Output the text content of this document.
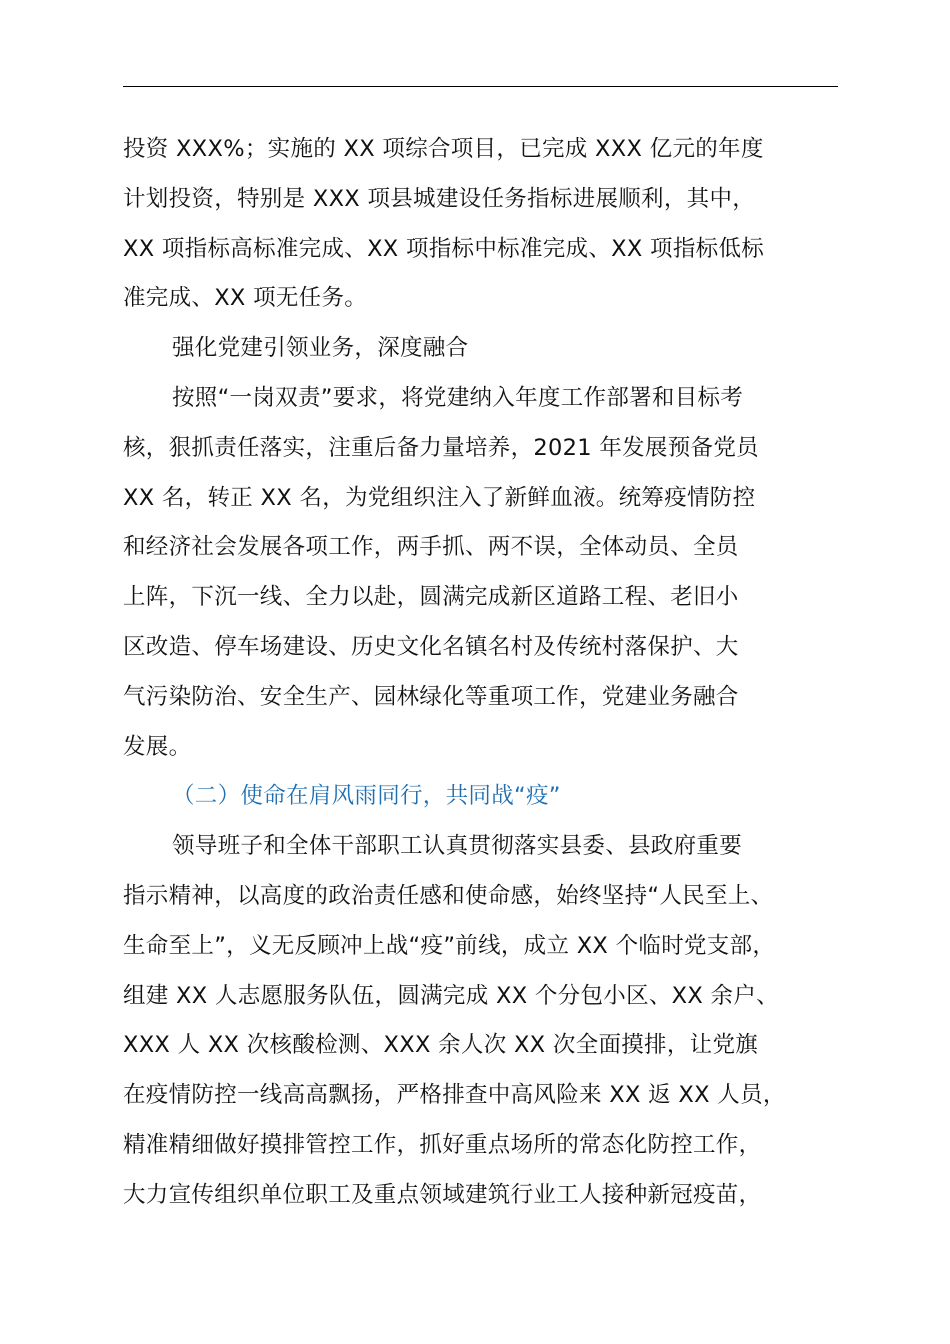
投资 XXX%；实施的 XX 项综合项目，已完成 XXX 亿元的年度
计划投资，特别是 XXX 项县城建设任务指标进展顺利，其中，
XX 项指标高标准完成、XX 项指标中标准完成、XX 项指标低标
准完成、XX 项无任务。
强化党建引领业务，深度融合
按照“一岗双责”要求，将党建纳入年度工作部署和目标考
核，狠抓责任落实，注重后备力量培养，2021 年发展预备党员
XX 名，转正 XX 名，为党组织注入了新鲜血液。统筹疫情防控
和经济社会发展各项工作，两手抓、两不误，全体动员、全员
上阵，下沉一线、全力以赴，圆满完成新区道路工程、老旧小
区改造、停车场建设、历史文化名镇名村及传统村落保护、大
气污染防治、安全生产、园林绿化等重项工作，党建业务融合
发展。
（二）使命在肩风雨同行，共同战“疫”
领导班子和全体干部职工认真贯彻落实县委、县政府重要
指示精神，以高度的政治责任感和使命感，始终坚持“人民至上、
生命至上”，义无反顾冲上战“疫”前线，成立 XX 个临时党支部，
组建 XX 人志愿服务队伍，圆满完成 XX 个分包小区、XX 余户、
XXX 人 XX 次核酸检测、XXX 余人次 XX 次全面摸排，让党旗
在疫情防控一线高高飘扬，严格排查中高风险来 XX 返 XX 人员，
精准精细做好摸排管控工作，抓好重点场所的常态化防控工作，
大力宣传组织单位职工及重点领域建筑行业工人接种新冠疫苗，
